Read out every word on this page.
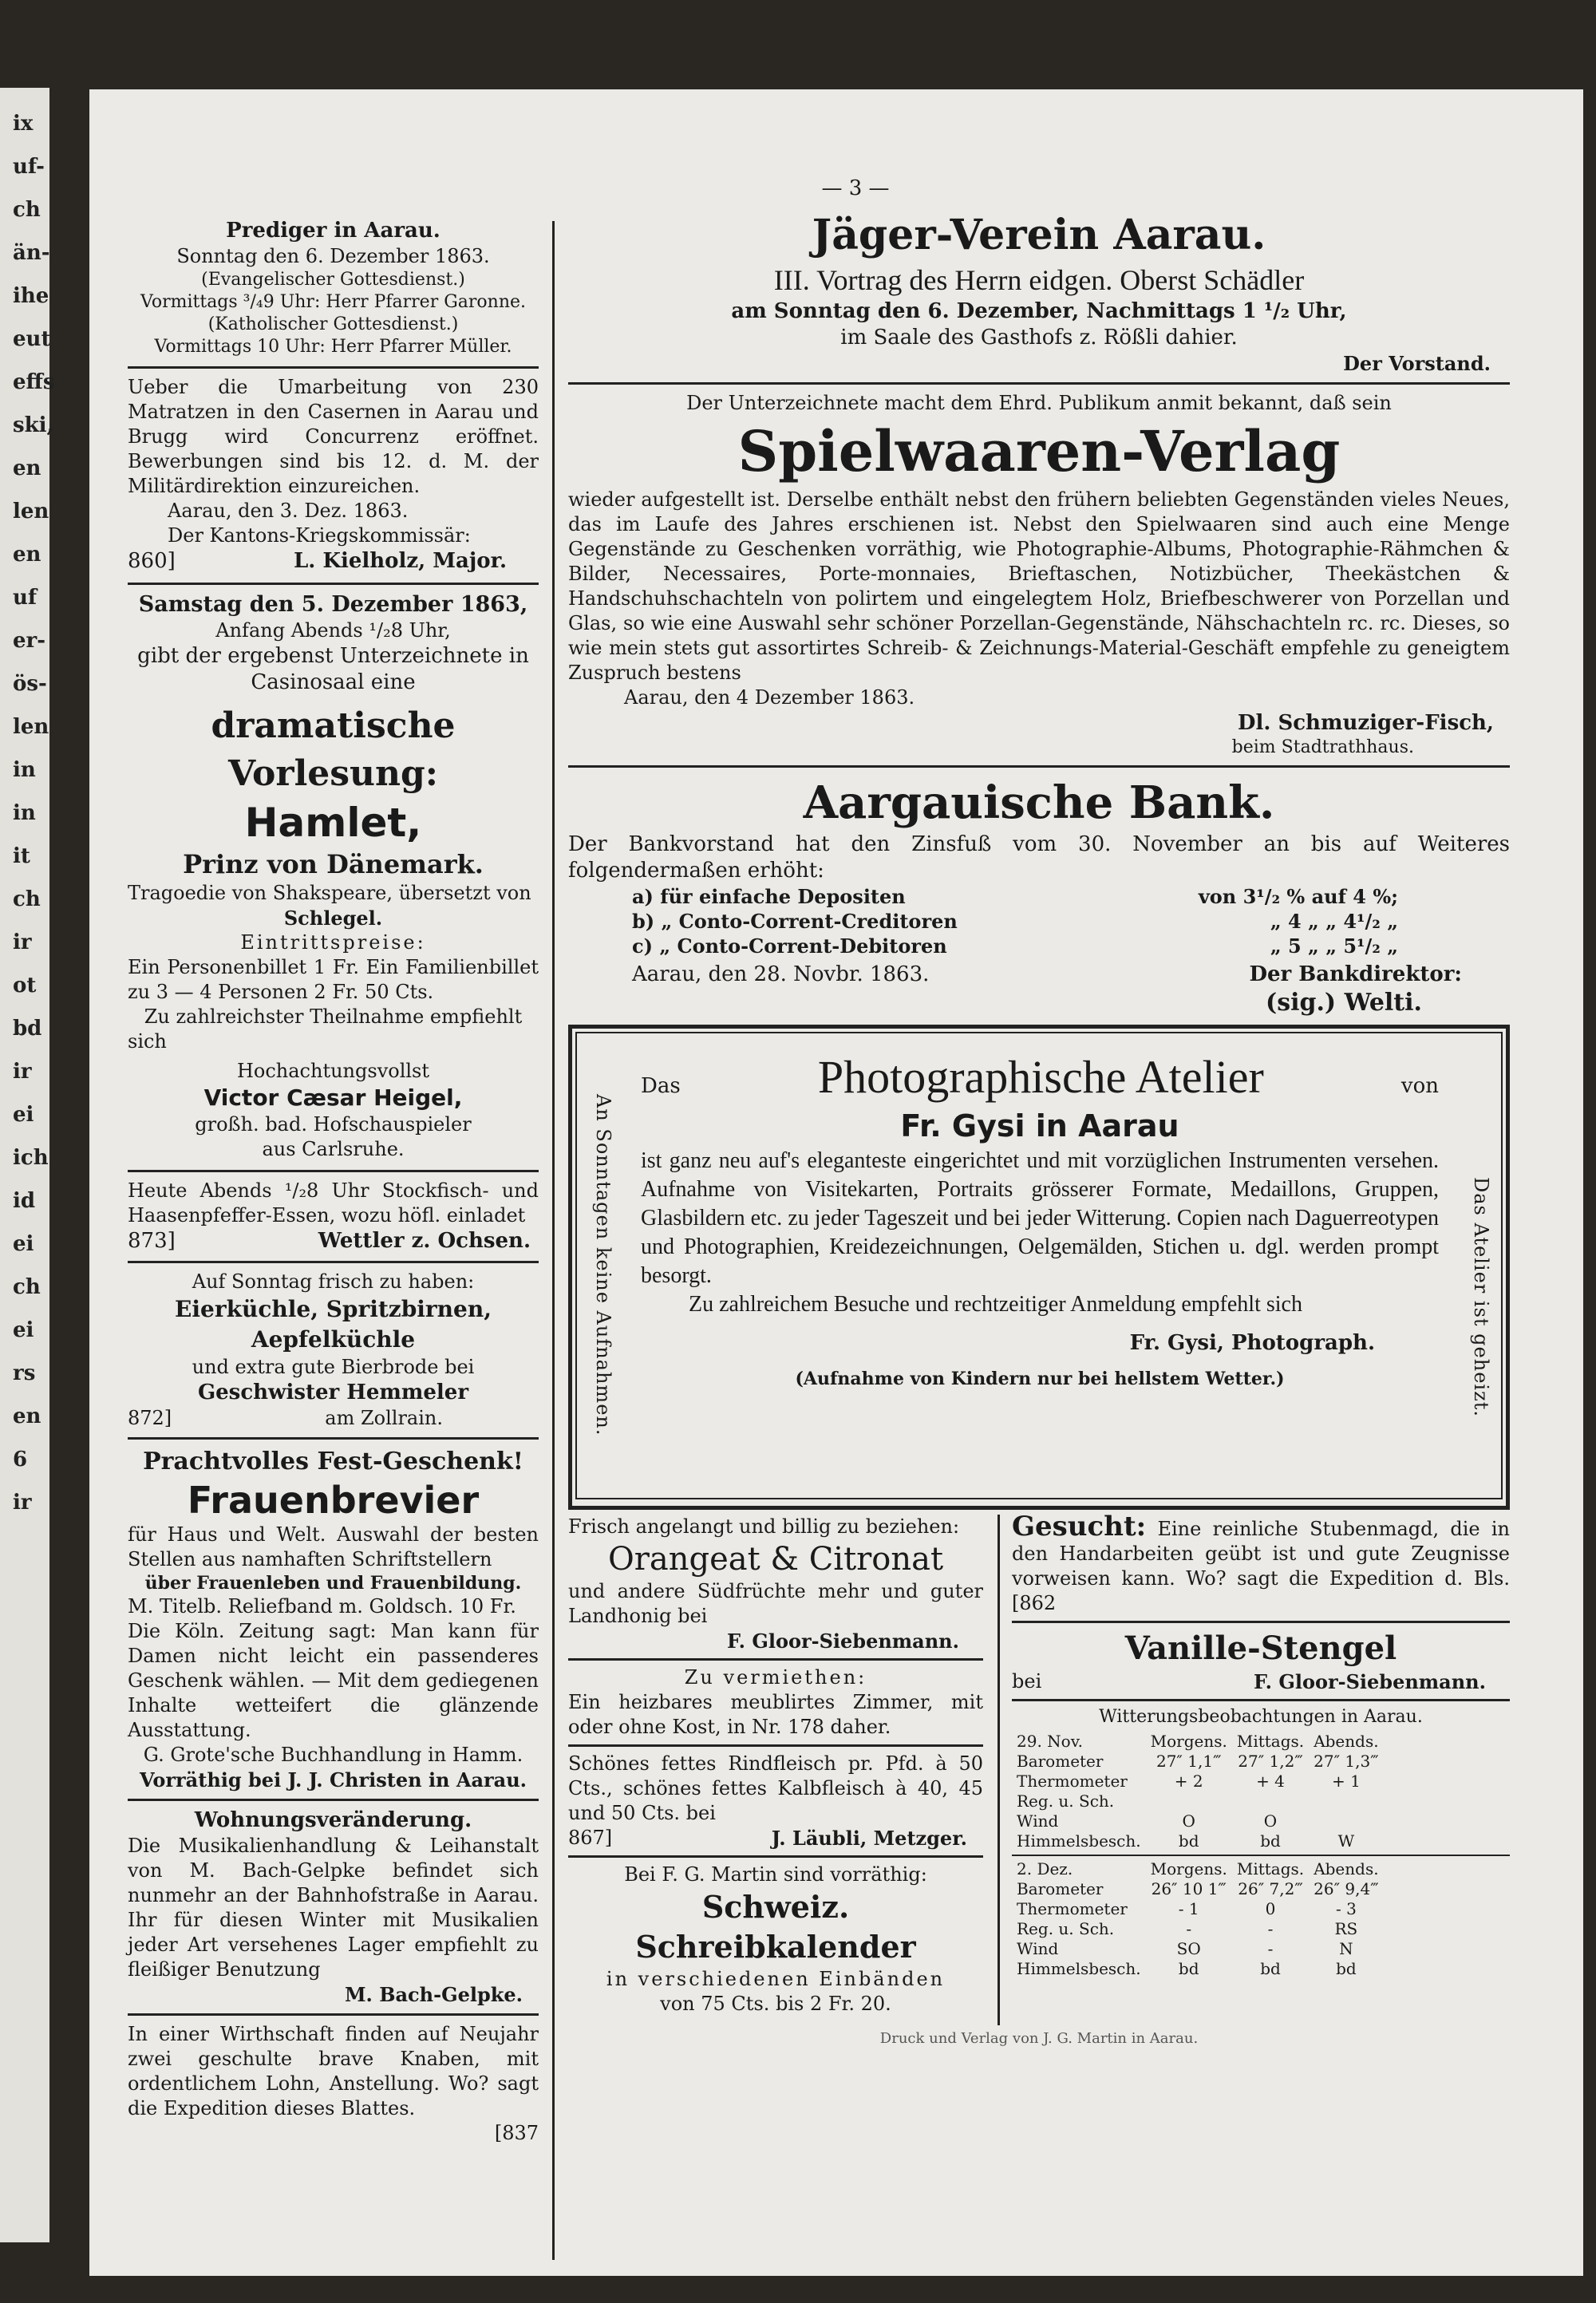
ix
uf-
ch
än-
ihe
eut
effs
ski,
en
len
en
uf
er-
ös-
len
in
in
it
ch
ir
ot
bd
ir
ei
ich
id
ei
ch
ei
rs
en
6
ir
— 3 —
Prediger in Aarau.
Sonntag den 6. Dezember 1863.
(Evangelischer Gottesdienst.)
Vormittags ³/₄9 Uhr: Herr Pfarrer Garonne.
(Katholischer Gottesdienst.)
Vormittags 10 Uhr: Herr Pfarrer Müller.
Ueber die Umarbeitung von 230 Matratzen in den Casernen in Aarau und Brugg wird Concurrenz eröffnet. Bewerbungen sind bis 12. d. M. der Militärdirektion einzureichen.
Aarau, den 3. Dez. 1863.
Der Kantons-Kriegskommissär:
860]	L. Kielholz, Major.
Samstag den 5. Dezember 1863,
Anfang Abends ¹/₂8 Uhr,
gibt der ergebenst Unterzeichnete in
Casinosaal eine
dramatische Vorlesung:
Hamlet,
Prinz von Dänemark.
Tragoedie von Shakspeare, übersetzt von
Schlegel.
Eintrittspreise:
Ein Personenbillet 1 Fr. Ein Familienbillet zu 3 — 4 Personen 2 Fr. 50 Cts.
Zu zahlreichster Theilnahme empfiehlt
sich
Hochachtungsvollst
Victor Cæsar Heigel,
großh. bad. Hofschauspieler
aus Carlsruhe.
Heute Abends ¹/₂8 Uhr Stockfisch- und Haasenpfeffer-Essen, wozu höfl. einladet
873]	Wettler z. Ochsen.
Auf Sonntag frisch zu haben:
Eierküchle, Spritzbirnen, Aepfelküchle
und extra gute Bierbrode bei
Geschwister Hemmeler
872]	am Zollrain.
Prachtvolles Fest-Geschenk!
Frauenbrevier
für Haus und Welt. Auswahl der besten Stellen aus namhaften Schriftstellern
über Frauenleben und Frauenbildung.
M. Titelb. Reliefband m. Goldsch. 10 Fr.
Die Köln. Zeitung sagt: Man kann für Damen nicht leicht ein passenderes Geschenk wählen. — Mit dem gediegenen Inhalte wetteifert die glänzende Ausstattung.
G. Grote'sche Buchhandlung in Hamm.
Vorräthig bei J. J. Christen in Aarau.
Wohnungsveränderung.
Die Musikalienhandlung & Leihanstalt von M. Bach-Gelpke befindet sich nunmehr an der Bahnhofstraße in Aarau. Ihr für diesen Winter mit Musikalien jeder Art versehenes Lager empfiehlt zu fleißiger Benutzung
M. Bach-Gelpke.
In einer Wirthschaft finden auf Neujahr zwei geschulte brave Knaben, mit ordentlichem Lohn, Anstellung. Wo? sagt die Expedition dieses Blattes.
[837
Jäger-Verein Aarau.
III. Vortrag des Herrn eidgen. Oberst Schädler
am Sonntag den 6. Dezember, Nachmittags 1 ¹/₂ Uhr,
im Saale des Gasthofs z. Rößli dahier.
Der Vorstand.
Der Unterzeichnete macht dem Ehrd. Publikum anmit bekannt, daß sein
Spielwaaren-Verlag
wieder aufgestellt ist. Derselbe enthält nebst den frühern beliebten Gegenständen vieles Neues, das im Laufe des Jahres erschienen ist. Nebst den Spielwaaren sind auch eine Menge Gegenstände zu Geschenken vorräthig, wie Photographie-Albums, Photographie-Rähmchen & Bilder, Necessaires, Porte-monnaies, Brieftaschen, Notizbücher, Theekästchen & Handschuhschachteln von polirtem und eingelegtem Holz, Briefbeschwerer von Porzellan und Glas, so wie eine Auswahl sehr schöner Porzellan-Gegenstände, Nähschachteln rc. rc. Dieses, so wie mein stets gut assortirtes Schreib- & Zeichnungs-Material-Geschäft empfehle zu geneigtem Zuspruch bestens
Aarau, den 4 Dezember 1863.
Dl. Schmuziger-Fisch,
beim Stadtrathhaus.
Aargauische Bank.
Der Bankvorstand hat den Zinsfuß vom 30. November an bis auf Weiteres folgendermaßen erhöht:
a) für einfache Depositen	von 3¹/₂ % auf 4 %;
b) „ Conto-Corrent-Creditoren	„ 4 „ „ 4¹/₂ „
c) „ Conto-Corrent-Debitoren	„ 5 „ „ 5¹/₂ „
Aarau, den 28. Novbr. 1863.	Der Bankdirektor:
(sig.) Welti.
An Sonntagen keine Aufnahmen.	Das Atelier ist geheizt.
Das	Photographische Atelier	von
Fr. Gysi in Aarau
ist ganz neu auf's eleganteste eingerichtet und mit vorzüglichen Instrumenten versehen. Aufnahme von Visitekarten, Portraits grösserer Formate, Medaillons, Gruppen, Glasbildern etc. zu jeder Tageszeit und bei jeder Witterung. Copien nach Daguerreotypen und Photographien, Kreidezeichnungen, Oelgemälden, Stichen u. dgl. werden prompt besorgt.
Zu zahlreichem Besuche und rechtzeitiger Anmeldung empfehlt sich
Fr. Gysi, Photograph.
(Aufnahme von Kindern nur bei hellstem Wetter.)
Frisch angelangt und billig zu beziehen:
Orangeat & Citronat
und andere Südfrüchte mehr und guter Landhonig bei
F. Gloor-Siebenmann.
Zu vermiethen:
Ein heizbares meublirtes Zimmer, mit oder ohne Kost, in Nr. 178 daher.
Schönes fettes Rindfleisch pr. Pfd. à 50 Cts., schönes fettes Kalbfleisch à 40, 45 und 50 Cts. bei
867]	J. Läubli, Metzger.
Bei F. G. Martin sind vorräthig:
Schweiz. Schreibkalender
in verschiedenen Einbänden
von 75 Cts. bis 2 Fr. 20.
Gesucht: Eine reinliche Stubenmagd, die in den Handarbeiten geübt ist und gute Zeugnisse vorweisen kann. Wo? sagt die Expedition d. Bls. [862
Vanille-Stengel
bei	F. Gloor-Siebenmann.
Witterungsbeobachtungen in Aarau.
29. Nov.	Morgens.	Mittags.	Abends.
Barometer	27″ 1,1‴	27″ 1,2‴	27″ 1,3‴
Thermometer	+ 2	+ 4	+ 1
Reg. u. Sch.			
Wind	O	O	
Himmelsbesch.	bd	bd	W
2. Dez.	Morgens.	Mittags.	Abends.
Barometer	26″ 10 1‴	26″ 7,2‴	26″ 9,4‴
Thermometer	- 1	0	- 3
Reg. u. Sch.	-	-	RS
Wind	SO	-	N
Himmelsbesch.	bd	bd	bd
Druck und Verlag von J. G. Martin in Aarau.
